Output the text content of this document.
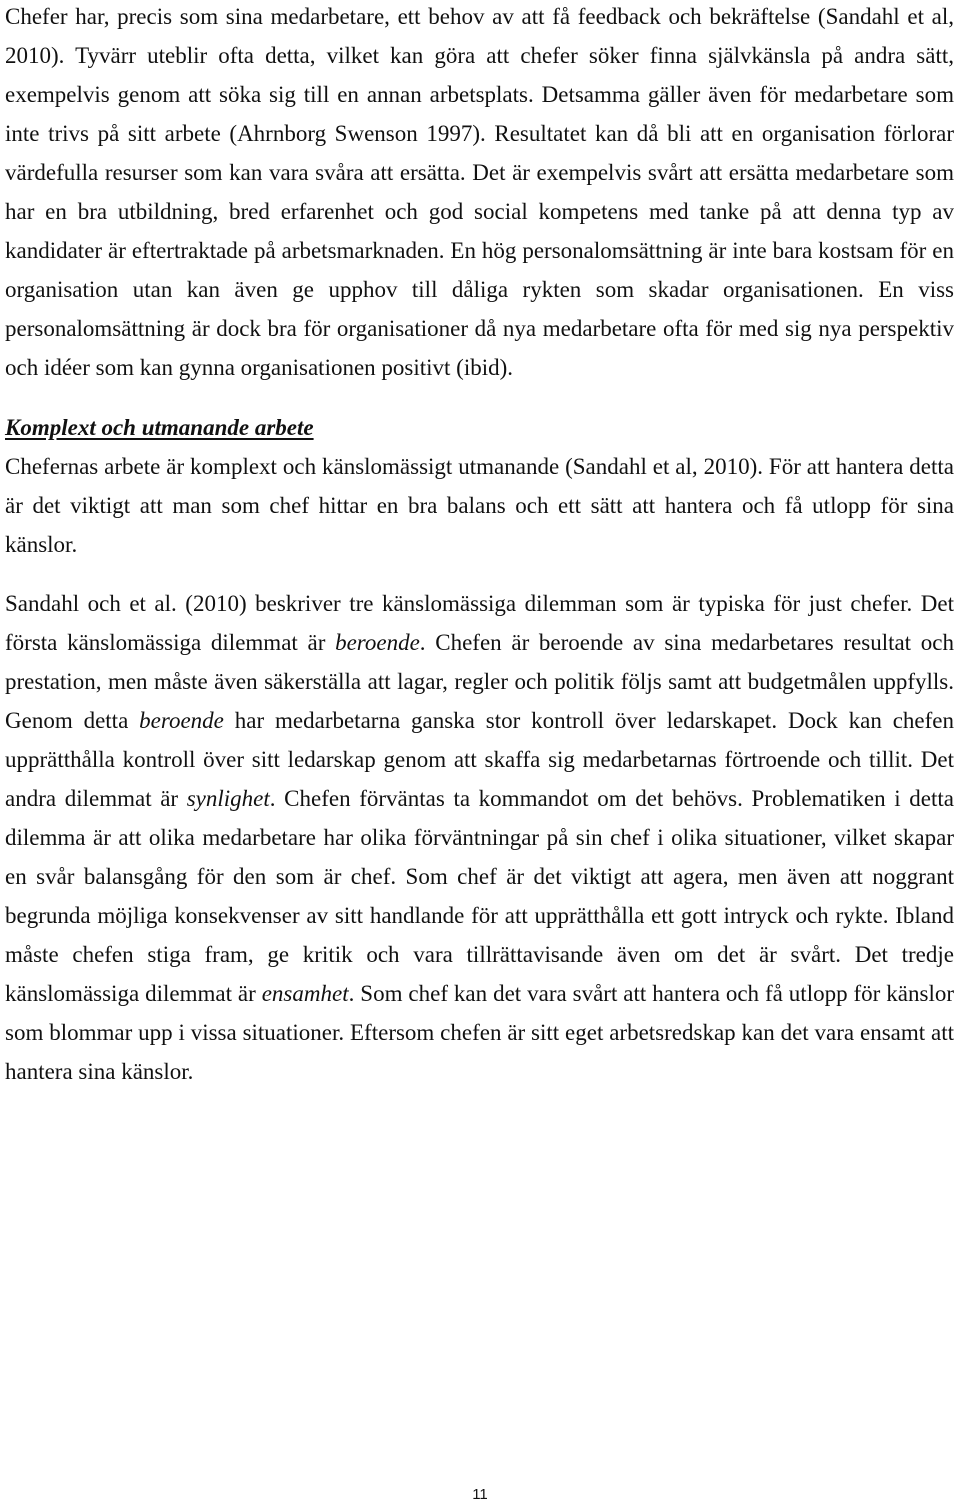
Chefer har, precis som sina medarbetare, ett behov av att få feedback och bekräftelse (Sandahl et al, 2010). Tyvärr uteblir ofta detta, vilket kan göra att chefer söker finna självkänsla på andra sätt, exempelvis genom att söka sig till en annan arbetsplats. Detsamma gäller även för medarbetare som inte trivs på sitt arbete (Ahrnborg Swenson 1997). Resultatet kan då bli att en organisation förlorar värdefulla resurser som kan vara svåra att ersätta. Det är exempelvis svårt att ersätta medarbetare som har en bra utbildning, bred erfarenhet och god social kompetens med tanke på att denna typ av kandidater är eftertraktade på arbetsmarknaden. En hög personalomsättning är inte bara kostsam för en organisation utan kan även ge upphov till dåliga rykten som skadar organisationen. En viss personalomsättning är dock bra för organisationer då nya medarbetare ofta för med sig nya perspektiv och idéer som kan gynna organisationen positivt (ibid).

Komplext och utmanande arbete

Chefernas arbete är komplext och känslomässigt utmanande (Sandahl et al, 2010). För att hantera detta är det viktigt att man som chef hittar en bra balans och ett sätt att hantera och få utlopp för sina känslor.

Sandahl och et al. (2010) beskriver tre känslomässiga dilemman som är typiska för just chefer. Det första känslomässiga dilemmat är beroende. Chefen är beroende av sina medarbetares resultat och prestation, men måste även säkerställa att lagar, regler och politik följs samt att budgetmålen uppfylls. Genom detta beroende har medarbetarna ganska stor kontroll över ledarskapet. Dock kan chefen upprätthålla kontroll över sitt ledarskap genom att skaffa sig medarbetarnas förtroende och tillit. Det andra dilemmat är synlighet. Chefen förväntas ta kommandot om det behövs. Problematiken i detta dilemma är att olika medarbetare har olika förväntningar på sin chef i olika situationer, vilket skapar en svår balansgång för den som är chef. Som chef är det viktigt att agera, men även att noggrant begrunda möjliga konsekvenser av sitt handlande för att upprätthålla ett gott intryck och rykte. Ibland måste chefen stiga fram, ge kritik och vara tillrättavisande även om det är svårt. Det tredje känslomässiga dilemmat är ensamhet. Som chef kan det vara svårt att hantera och få utlopp för känslor som blommar upp i vissa situationer. Eftersom chefen är sitt eget arbetsredskap kan det vara ensamt att hantera sina känslor.

11
